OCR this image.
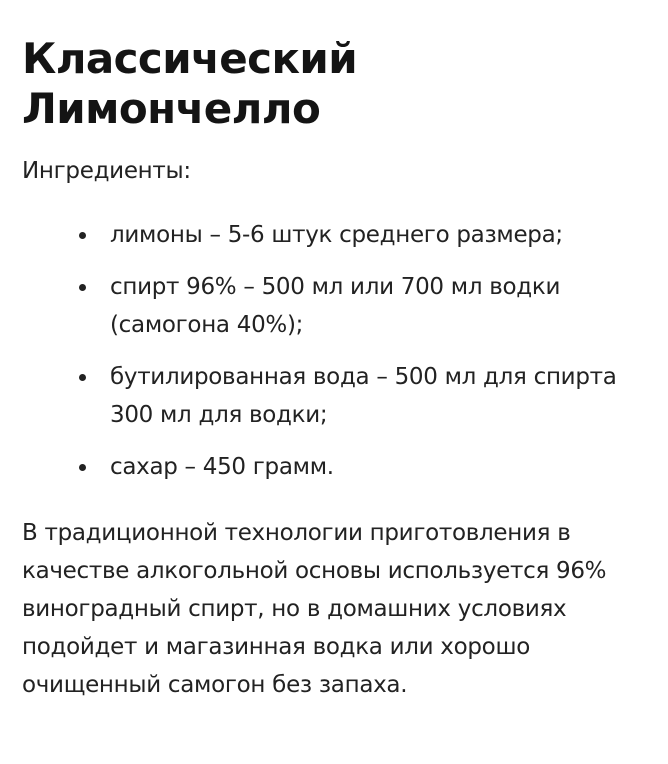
Классический
Лимончелло

Ингредиенты:

лимоны – 5-6 штук среднего размера;
спирт 96% – 500 мл или 700 мл водки
(самогона 40%);
бутилированная вода – 500 мл для спирта
300 мл для водки;
сахар – 450 грамм.

В традиционной технологии приготовления в
качестве алкогольной основы используется 96%
виноградный спирт, но в домашних условиях
подойдет и магазинная водка или хорошо
очищенный самогон без запаха.
